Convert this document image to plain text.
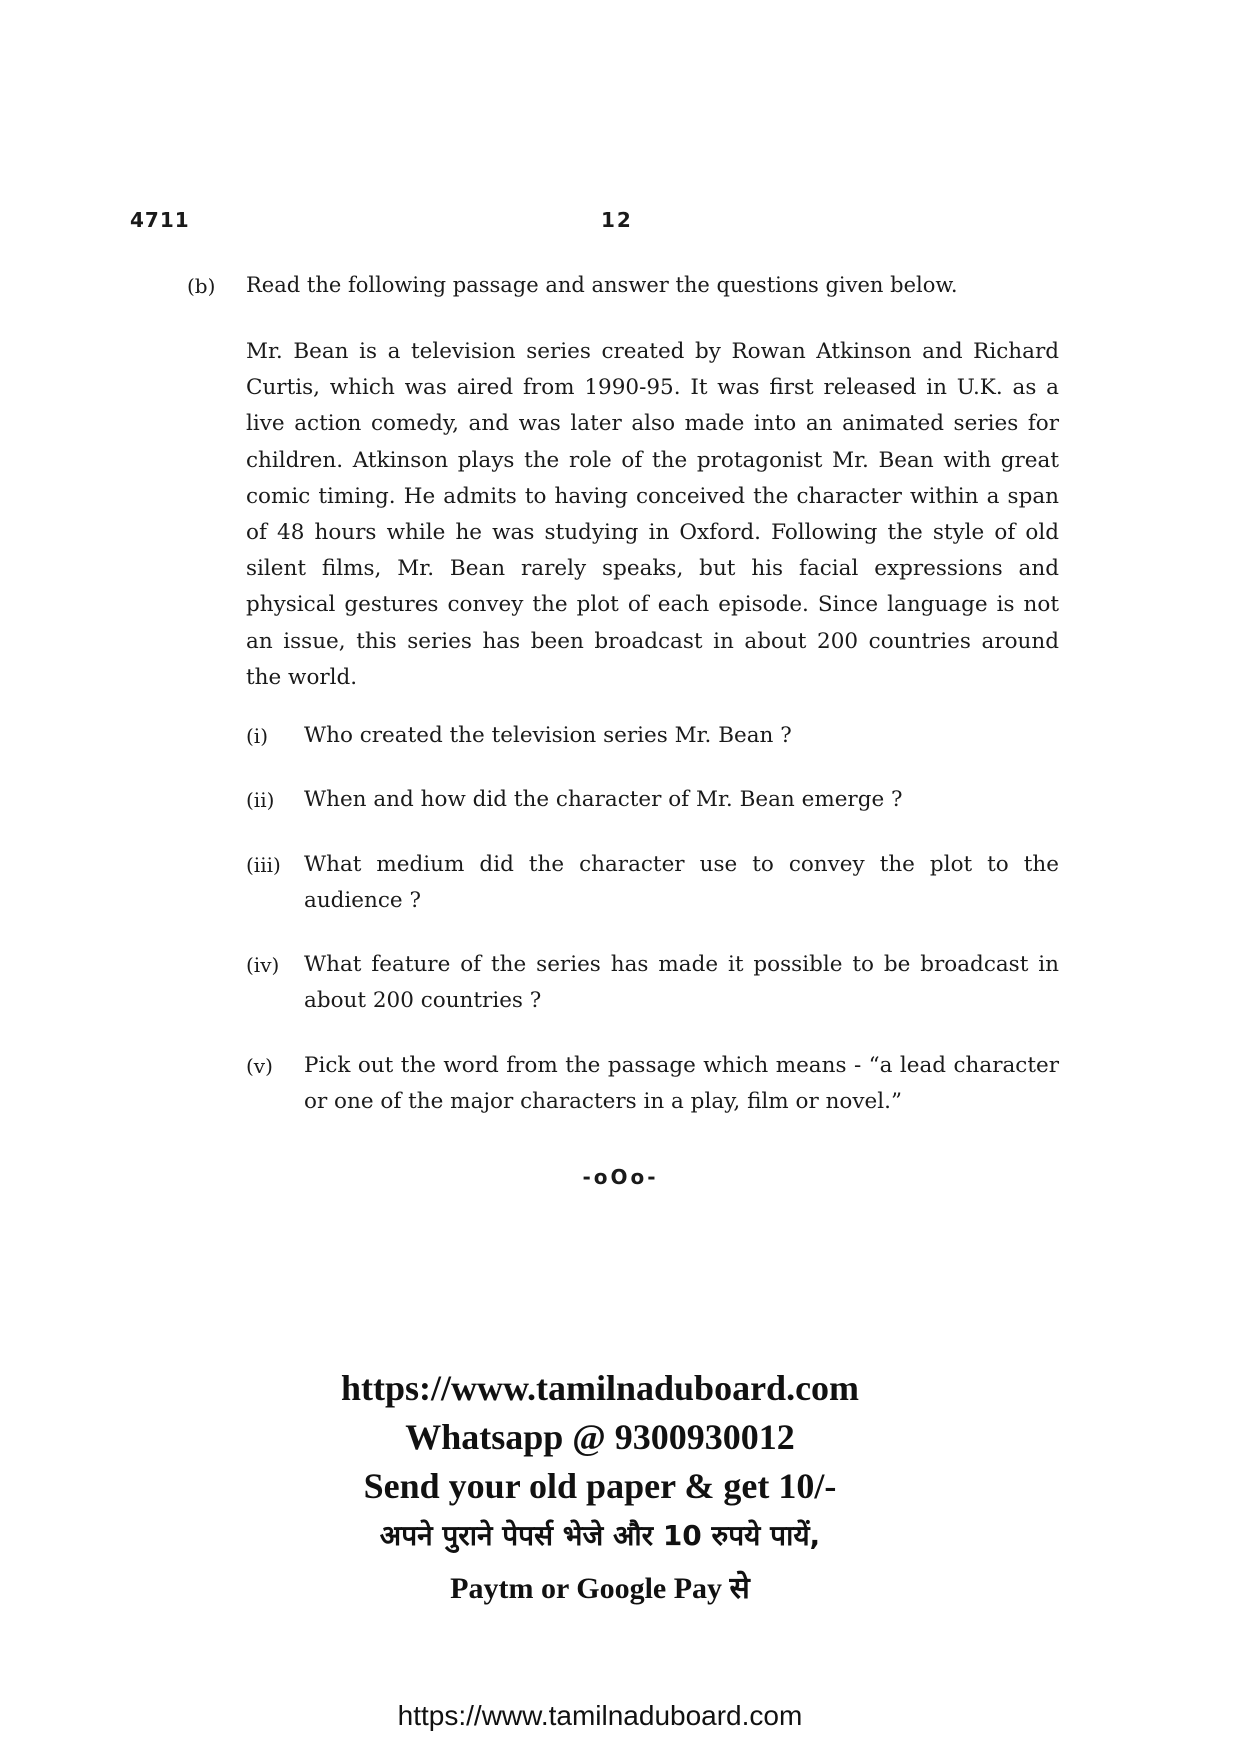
4711	12
(b) Read the following passage and answer the questions given below.
Mr. Bean is a television series created by Rowan Atkinson and Richard Curtis, which was aired from 1990-95. It was first released in U.K. as a live action comedy, and was later also made into an animated series for children. Atkinson plays the role of the protagonist Mr. Bean with great comic timing. He admits to having conceived the character within a span of 48 hours while he was studying in Oxford. Following the style of old silent films, Mr. Bean rarely speaks, but his facial expressions and physical gestures convey the plot of each episode. Since language is not an issue, this series has been broadcast in about 200 countries around the world.
(i) Who created the television series Mr. Bean ?
(ii) When and how did the character of Mr. Bean emerge ?
(iii) What medium did the character use to convey the plot to the audience ?
(iv) What feature of the series has made it possible to be broadcast in about 200 countries ?
(v) Pick out the word from the passage which means - “a lead character or one of the major characters in a play, film or novel.”
-oOo-
https://www.tamilnaduboard.com
Whatsapp @ 9300930012
Send your old paper & get 10/-
अपने पुराने पेपर्स भेजे और 10 रुपये पायें,
Paytm or Google Pay से
https://www.tamilnaduboard.com
